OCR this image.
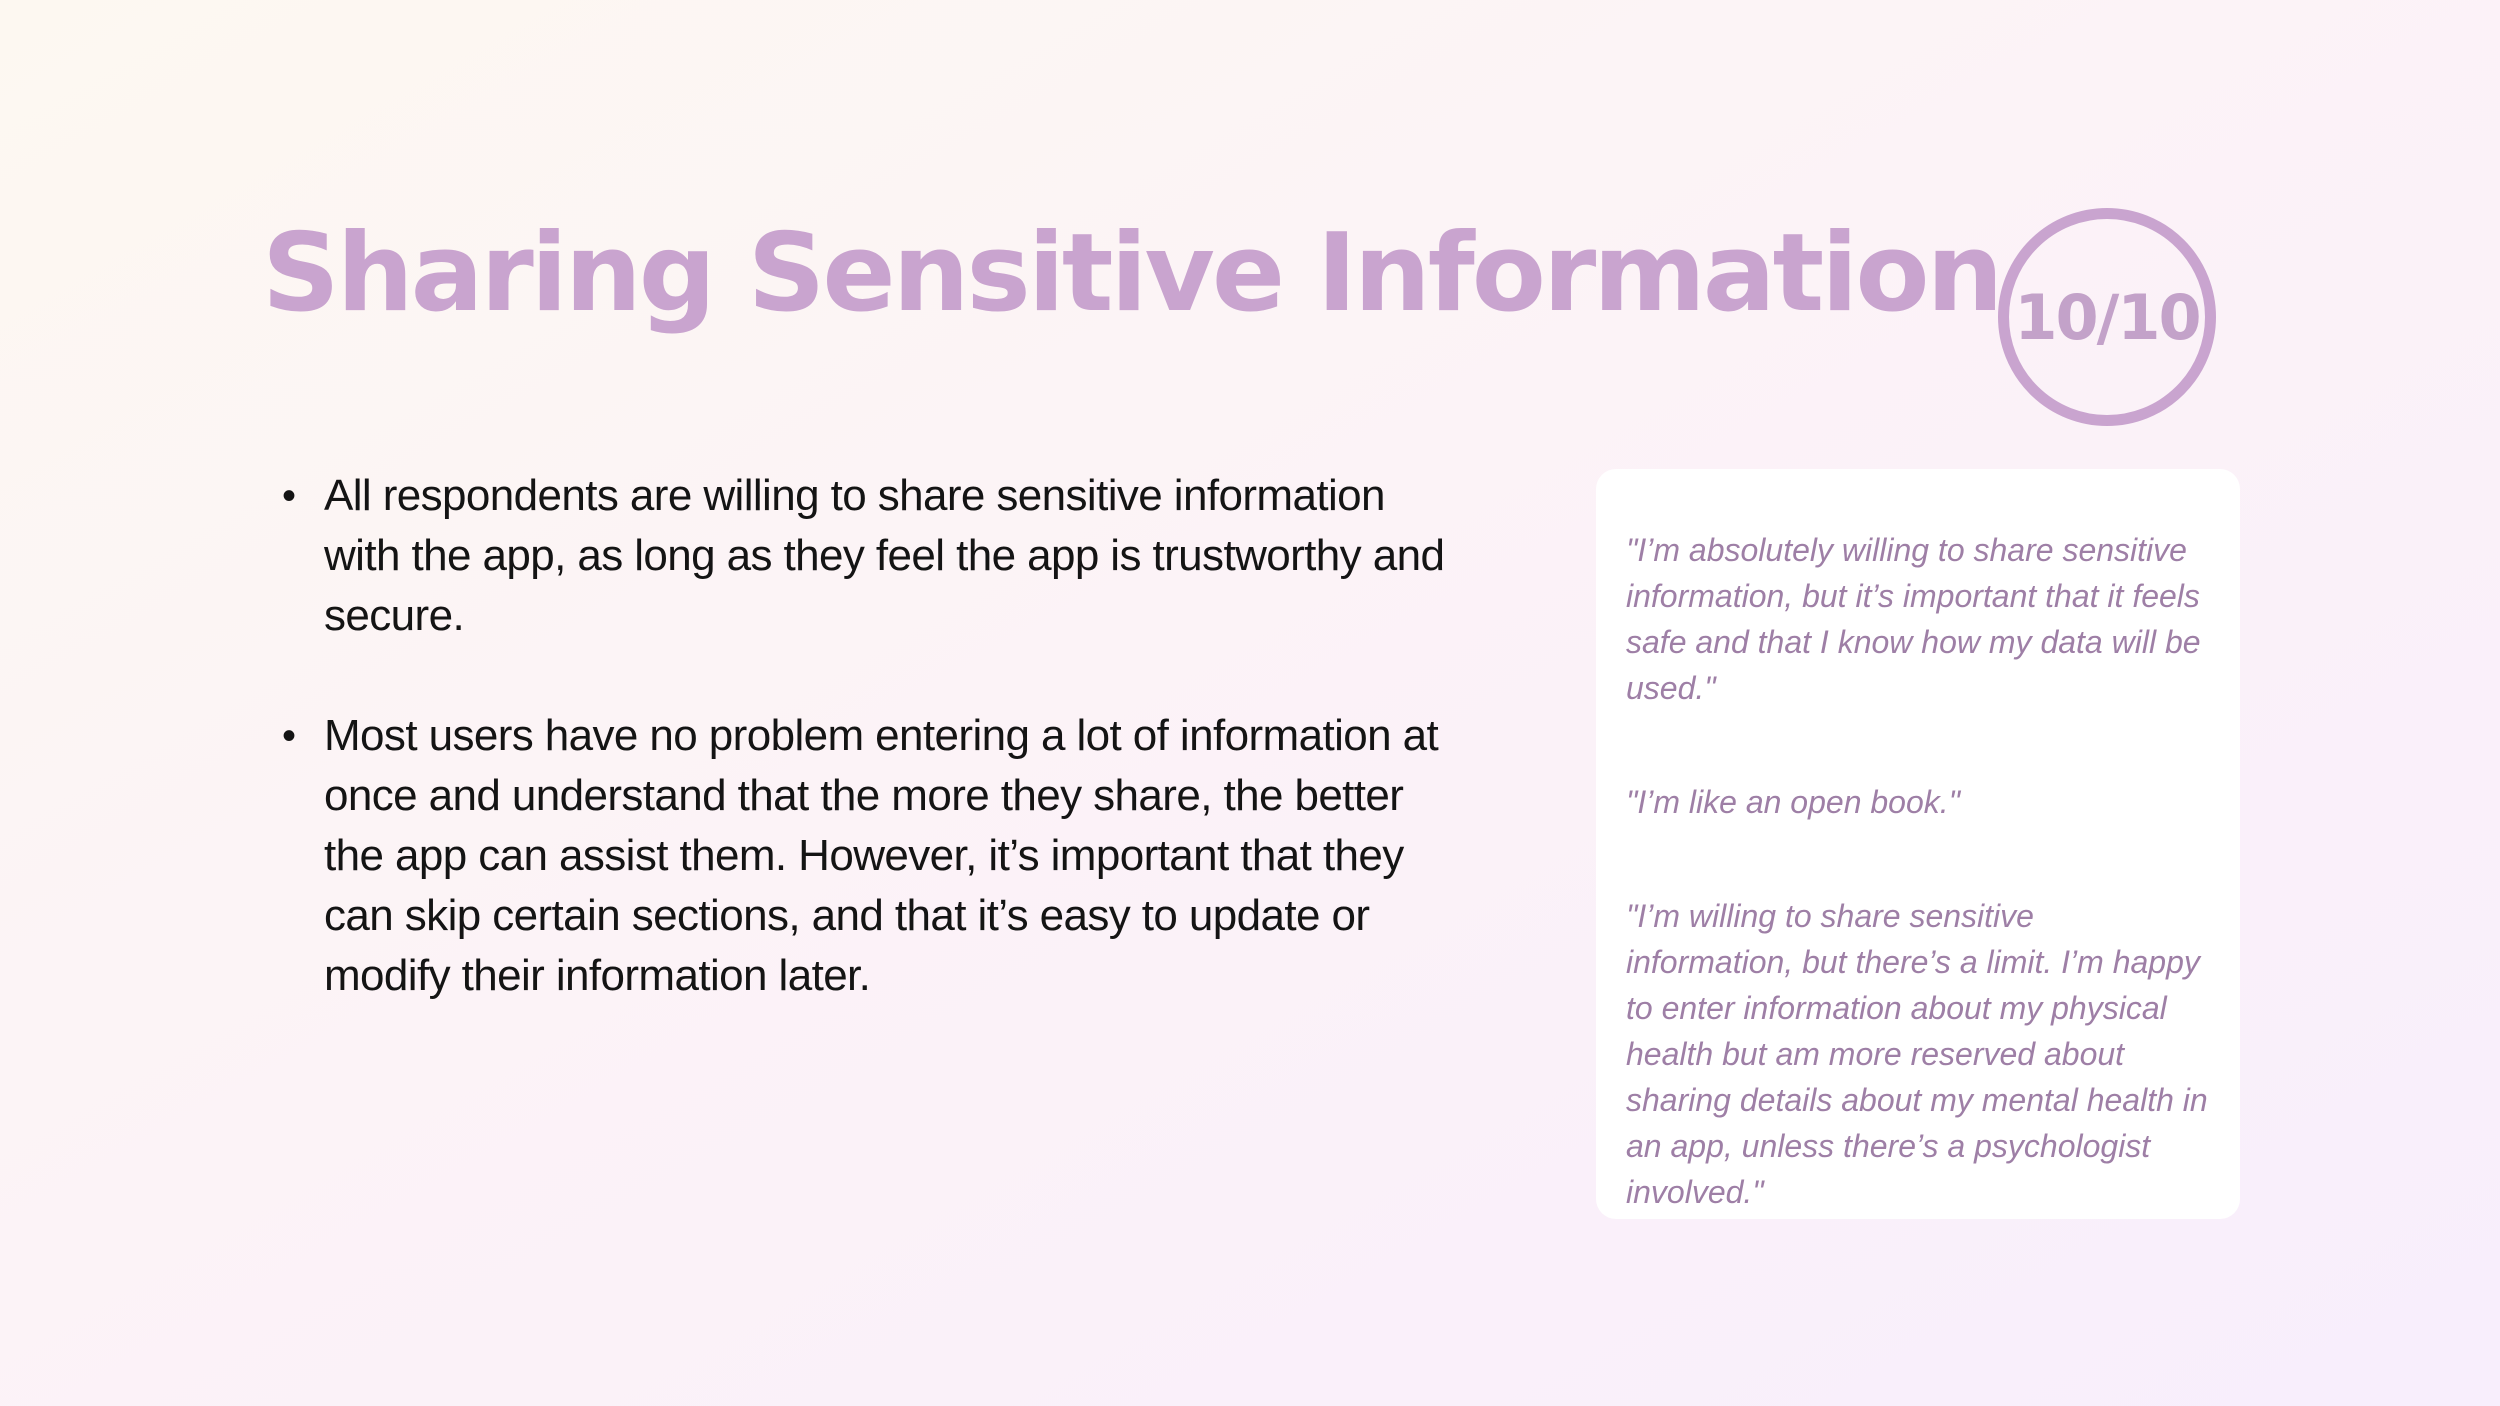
Sharing Sensitive Information 10/10
• All respondents are willing to share sensitive information with the app, as long as they feel the app is trustworthy and secure.
• Most users have no problem entering a lot of information at once and understand that the more they share, the better the app can assist them. However, it’s important that they can skip certain sections, and that it’s easy to update or modify their information later.

"I’m absolutely willing to share sensitive information, but it’s important that it feels safe and that I know how my data will be used."

"I’m like an open book."

"I’m willing to share sensitive information, but there’s a limit. I’m happy to enter information about my physical health but am more reserved about sharing details about my mental health in an app, unless there’s a psychologist involved."
